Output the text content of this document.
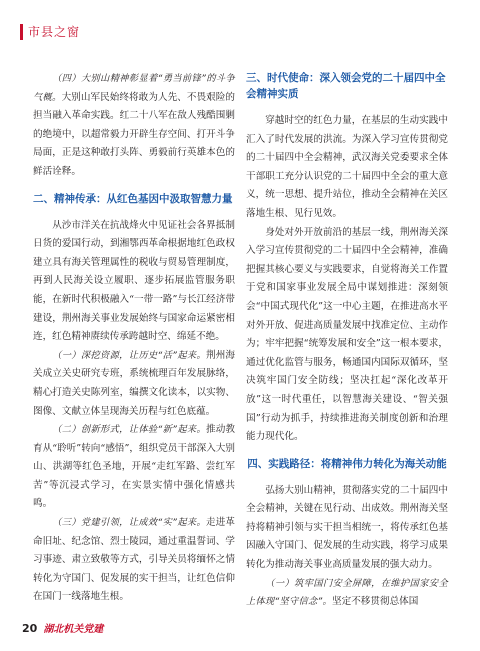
市县之窗

（四）大别山精神彰显着“勇当前锋”的斗争气概。大别山军民始终将敢为人先、不畏艰险的担当融入革命实践。红二十八军在敌人残酷围剿的绝境中，以超常毅力开辟生存空间、打开斗争局面，正是这种敢打头阵、勇毅前行英雄本色的鲜活诠释。

二、精神传承：从红色基因中汲取智慧力量

从沙市洋关在抗战烽火中见证社会各界抵制日货的爱国行动，到湘鄂西革命根据地红色政权建立具有海关管理属性的税收与贸易管理制度，再到人民海关设立履职、逐步拓展监管服务职能，在新时代积极融入“一带一路”与长江经济带建设，荆州海关事业发展始终与国家命运紧密相连，红色精神赓续传承跨越时空、绵延不绝。

（一）深挖资源，让历史“活”起来。荆州海关成立关史研究专班，系统梳理百年发展脉络，精心打造关史陈列室，编撰文化读本，以实物、图像、文献立体呈现海关历程与红色底蕴。

（二）创新形式，让体验“新”起来。推动教育从“聆听”转向“感悟”，组织党员干部深入大别山、洪湖等红色圣地，开展“走红军路、尝红军苦”等沉浸式学习，在实景实情中强化情感共鸣。

（三）党建引领，让成效“实”起来。走进革命旧址、纪念馆、烈士陵园，通过重温誓词、学习事迹、肃立致敬等方式，引导关员将缅怀之情转化为守国门、促发展的实干担当，让红色信仰在国门一线落地生根。

三、时代使命：深入领会党的二十届四中全会精神实质

穿越时空的红色力量，在基层的生动实践中汇入了时代发展的洪流。为深入学习宣传贯彻党的二十届四中全会精神，武汉海关党委要求全体干部职工充分认识党的二十届四中全会的重大意义，统一思想、提升站位，推动全会精神在关区落地生根、见行见效。

身处对外开放前沿的基层一线，荆州海关深入学习宣传贯彻党的二十届四中全会精神，准确把握其核心要义与实践要求，自觉将海关工作置于党和国家事业发展全局中谋划推进：深刻领会“中国式现代化”这一中心主题，在推进高水平对外开放、促进高质量发展中找准定位、主动作为；牢牢把握“统筹发展和安全”这一根本要求，通过优化监管与服务，畅通国内国际双循环，坚决筑牢国门安全防线；坚决扛起“深化改革开放”这一时代重任，以智慧海关建设、“智关强国”行动为抓手，持续推进海关制度创新和治理能力现代化。

四、实践路径：将精神伟力转化为海关动能

弘扬大别山精神，贯彻落实党的二十届四中全会精神，关键在见行动、出成效。荆州海关坚持将精神引领与实干担当相统一，将传承红色基因融入守国门、促发展的生动实践，将学习成果转化为推动海关事业高质量发展的强大动力。

（一）筑牢国门安全屏障，在维护国家安全上体现“坚守信念”。坚定不移贯彻总体国

20 湖北机关党建
